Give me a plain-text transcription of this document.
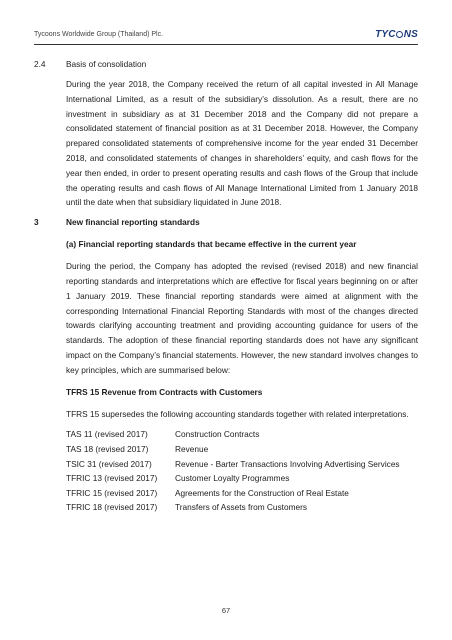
Tycoons Worldwide Group (Thailand) Plc.	TYC NS
2.4	Basis of consolidation
During the year 2018, the Company received the return of all capital invested in All Manage International Limited, as a result of the subsidiary’s dissolution. As a result, there are no investment in subsidiary as at 31 December 2018 and the Company did not prepare a consolidated statement of financial position as at 31 December 2018. However, the Company prepared consolidated statements of comprehensive income for the year ended 31 December 2018, and consolidated statements of changes in shareholders’ equity, and cash flows for the year then ended, in order to present operating results and cash flows of the Group that include the operating results and cash flows of All Manage International Limited from 1 January 2018 until the date when that subsidiary liquidated in June 2018.
3	New financial reporting standards
(a) Financial reporting standards that became effective in the current year
During the period, the Company has adopted the revised (revised 2018) and new financial reporting standards and interpretations which are effective for fiscal years beginning on or after 1 January 2019. These financial reporting standards were aimed at alignment with the corresponding International Financial Reporting Standards with most of the changes directed towards clarifying accounting treatment and providing accounting guidance for users of the standards. The adoption of these financial reporting standards does not have any significant impact on the Company’s financial statements. However, the new standard involves changes to key principles, which are summarised below:
TFRS 15 Revenue from Contracts with Customers
TFRS 15 supersedes the following accounting standards together with related interpretations.
TAS 11 (revised 2017)	Construction Contracts
TAS 18 (revised 2017)	Revenue
TSIC 31 (revised 2017)	Revenue - Barter Transactions Involving Advertising Services
TFRIC 13 (revised 2017)	Customer Loyalty Programmes
TFRIC 15 (revised 2017)	Agreements for the Construction of Real Estate
TFRIC 18 (revised 2017)	Transfers of Assets from Customers
67
